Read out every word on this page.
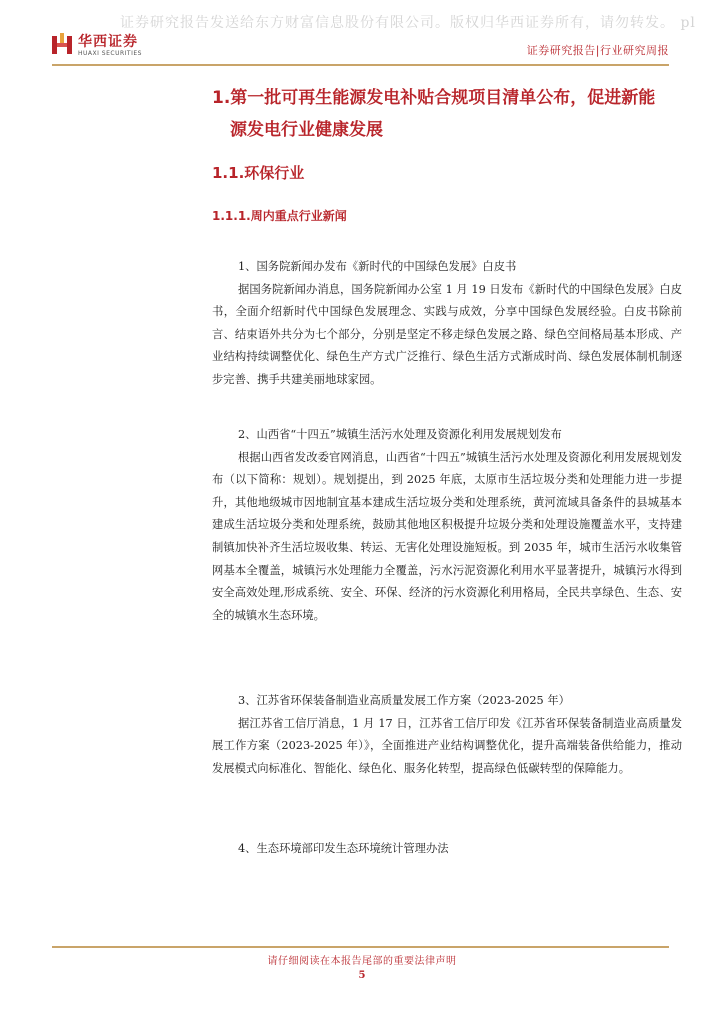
证券研究报告发送给东方财富信息股份有限公司。版权归华西证券所有，请勿转发。 pl
华西证券
HUAXI SECURITIES	证券研究报告|行业研究周报
1.第一批可再生能源发电补贴合规项目清单公布，促进新能
源发电行业健康发展
1.1.环保行业
1.1.1.周内重点行业新闻

1、国务院新闻办发布《新时代的中国绿色发展》白皮书

据国务院新闻办消息，国务院新闻办公室 1 月 19 日发布《新时代的中国绿色发展》白皮书，全面介绍新时代中国绿色发展理念、实践与成效，分享中国绿色发展经验。白皮书除前言、结束语外共分为七个部分，分别是坚定不移走绿色发展之路、绿色空间格局基本形成、产业结构持续调整优化、绿色生产方式广泛推行、绿色生活方式渐成时尚、绿色发展体制机制逐步完善、携手共建美丽地球家园。

2、山西省“十四五”城镇生活污水处理及资源化利用发展规划发布

根据山西省发改委官网消息，山西省“十四五”城镇生活污水处理及资源化利用发展规划发布（以下简称：规划）。规划提出，到 2025 年底，太原市生活垃圾分类和处理能力进一步提升，其他地级城市因地制宜基本建成生活垃圾分类和处理系统，黄河流域具备条件的县城基本建成生活垃圾分类和处理系统，鼓励其他地区积极提升垃圾分类和处理设施覆盖水平，支持建制镇加快补齐生活垃圾收集、转运、无害化处理设施短板。到 2035 年，城市生活污水收集管网基本全覆盖，城镇污水处理能力全覆盖，污水污泥资源化利用水平显著提升，城镇污水得到安全高效处理,形成系统、安全、环保、经济的污水资源化利用格局，全民共享绿色、生态、安全的城镇水生态环境。

3、江苏省环保装备制造业高质量发展工作方案（2023-2025 年）

据江苏省工信厅消息，1 月 17 日，江苏省工信厅印发《江苏省环保装备制造业高质量发展工作方案（2023-2025 年）》，全面推进产业结构调整优化，提升高端装备供给能力，推动发展模式向标准化、智能化、绿色化、服务化转型，提高绿色低碳转型的保障能力。

4、生态环境部印发生态环境统计管理办法

请仔细阅读在本报告尾部的重要法律声明
5
